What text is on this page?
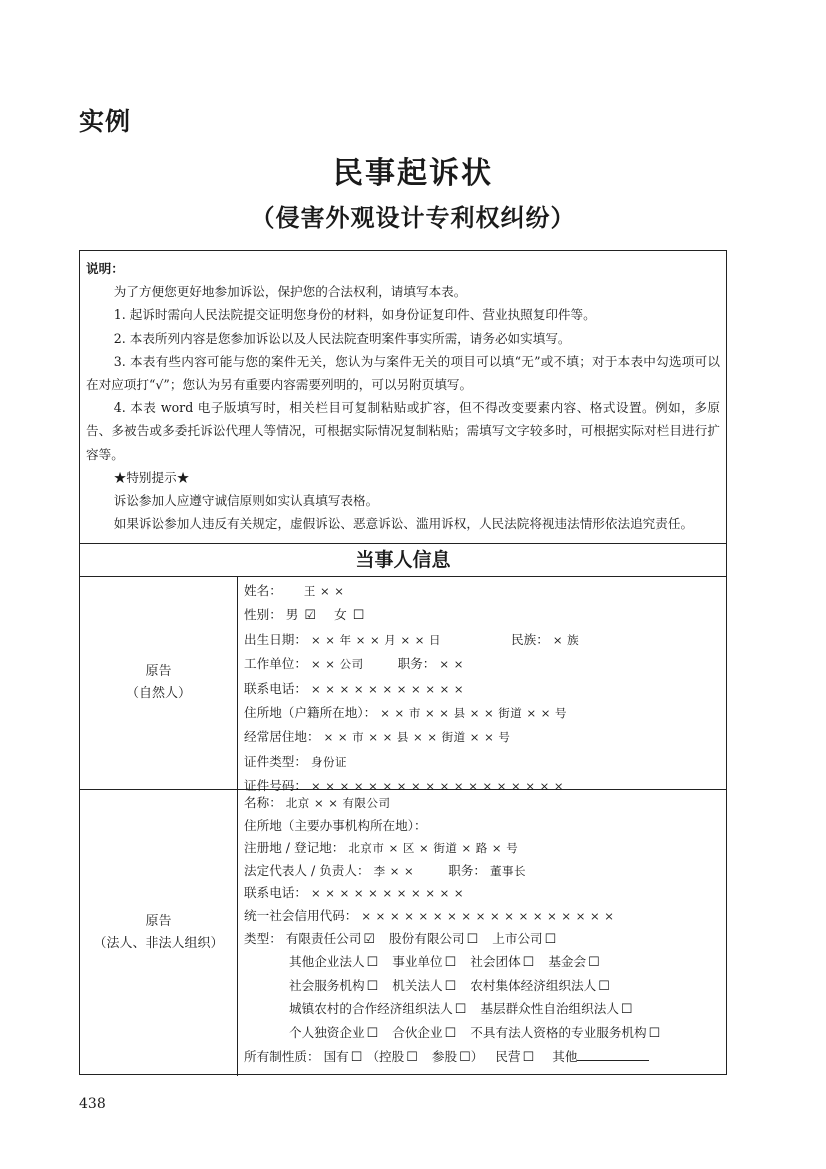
实例
民事起诉状
（侵害外观设计专利权纠纷）

说明：

为了方便您更好地参加诉讼，保护您的合法权利，请填写本表。

1. 起诉时需向人民法院提交证明您身份的材料，如身份证复印件、营业执照复印件等。

2. 本表所列内容是您参加诉讼以及人民法院查明案件事实所需，请务必如实填写。

3. 本表有些内容可能与您的案件无关，您认为与案件无关的项目可以填“无”或不填；对于本表中勾选项可以在对应项打“√”；您认为另有重要内容需要列明的，可以另附页填写。

4. 本表 word 电子版填写时，相关栏目可复制粘贴或扩容，但不得改变要素内容、格式设置。例如，多原告、多被告或多委托诉讼代理人等情况，可根据实际情况复制粘贴；需填写文字较多时，可根据实际对栏目进行扩容等。

★特别提示★

诉讼参加人应遵守诚信原则如实认真填写表格。

如果诉讼参加人违反有关规定，虚假诉讼、恶意诉讼、滥用诉权，人民法院将视违法情形依法追究责任。

当事人信息
原告
（自然人）
姓名： 王 × ×
性别： 男 ☑ 女 ☐
出生日期： × × 年 × × 月 × × 日	民族： × 族
工作单位： × × 公司	职务： × ×
联系电话： × × × × × × × × × × ×
住所地（户籍所在地）： × × 市 × × 县 × × 街道 × × 号
经常居住地： × × 市 × × 县 × × 街道 × × 号
证件类型： 身份证
证件号码： × × × × × × × × × × × × × × × × × ×
原告
（法人、非法人组织）
名称： 北京 × × 有限公司
住所地（主要办事机构所在地）：
注册地 / 登记地： 北京市 × 区 × 街道 × 路 × 号
法定代表人 / 负责人： 李 × ×	职务： 董事长
联系电话： × × × × × × × × × × ×
统一社会信用代码： × × × × × × × × × × × × × × × × × ×
类型： 有限责任公司 ☑ 股份有限公司 ☐ 上市公司 ☐
其他企业法人 ☐ 事业单位 ☐ 社会团体 ☐ 基金会 ☐
社会服务机构 ☐ 机关法人 ☐ 农村集体经济组织法人 ☐
城镇农村的合作经济组织法人 ☐ 基层群众性自治组织法人 ☐
个人独资企业 ☐ 合伙企业 ☐ 不具有法人资格的专业服务机构 ☐
所有制性质： 国有 ☐ （控股 ☐ 参股 ☐） 民营 ☐ 其他
438
